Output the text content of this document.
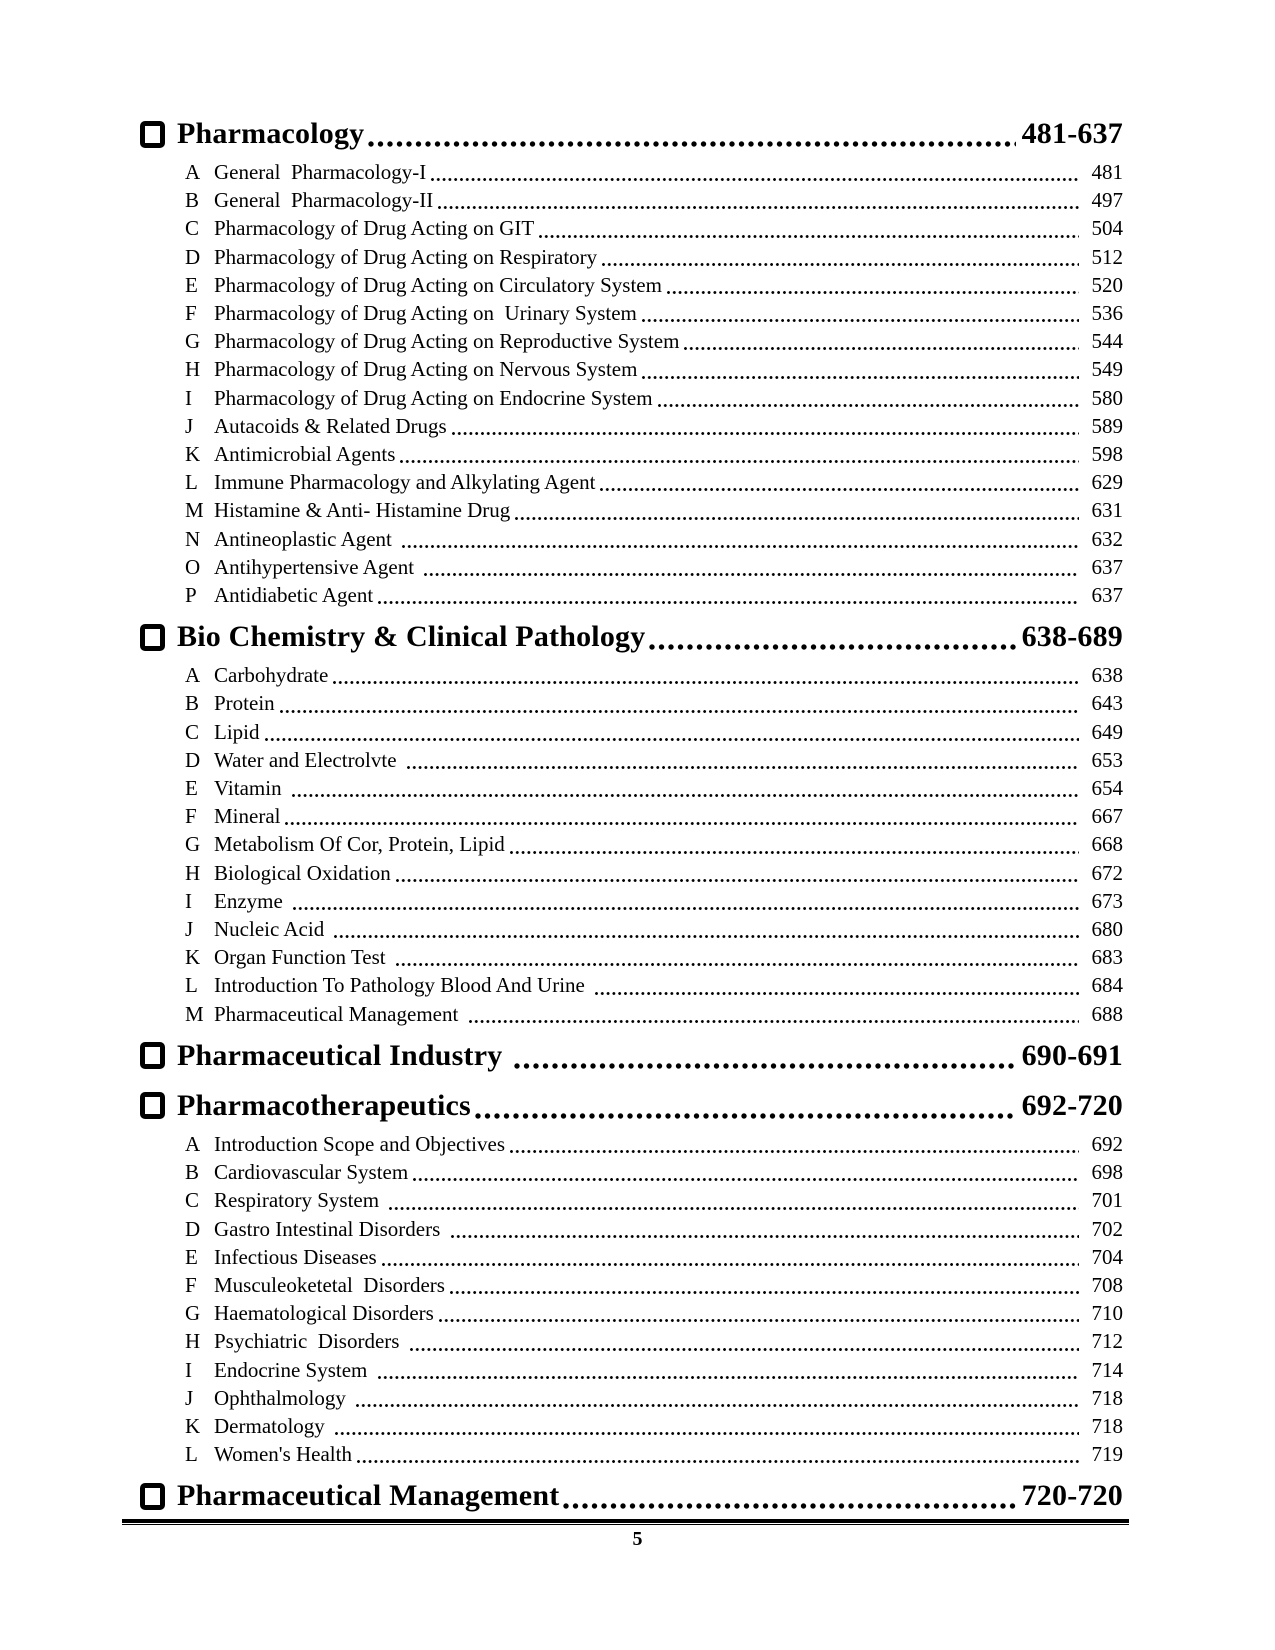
Pharmacology	481-637
A General  Pharmacology-I	481
B General  Pharmacology-II	497
C Pharmacology of Drug Acting on GIT	504
D Pharmacology of Drug Acting on Respiratory	512
E Pharmacology of Drug Acting on Circulatory System	520
F Pharmacology of Drug Acting on  Urinary System	536
G Pharmacology of Drug Acting on Reproductive System	544
H Pharmacology of Drug Acting on Nervous System	549
I	Pharmacology of Drug Acting on Endocrine System	580
J Autacoids & Related Drugs	589
K Antimicrobial Agents	598
L Immune Pharmacology and Alkylating Agent	629
M Histamine & Anti- Histamine Drug	631
N Antineoplastic Agent	632
O Antihypertensive Agent	637
P Antidiabetic Agent	637
Bio Chemistry & Clinical Pathology	638-689
A Carbohydrate	638
B Protein	643
C Lipid	649
D Water and Electrolvte	653
E Vitamin	654
F Mineral	667
G Metabolism Of Cor, Protein, Lipid	668
H Biological Oxidation	672
I	Enzyme	673
J Nucleic Acid	680
K Organ Function Test	683
L Introduction To Pathology Blood And Urine	684
M Pharmaceutical Management	688
Pharmaceutical Industry	690-691
Pharmacotherapeutics	692-720
A Introduction Scope and Objectives	692
B Cardiovascular System	698
C Respiratory System	701
D Gastro Intestinal Disorders	702
E Infectious Diseases	704
F Musculeoketetal  Disorders	708
G Haematological Disorders	710
H Psychiatric  Disorders	712
I	Endocrine System	714
J Ophthalmology	718
K Dermatology	718
L Women's Health	719
Pharmaceutical Management	720-720
5
